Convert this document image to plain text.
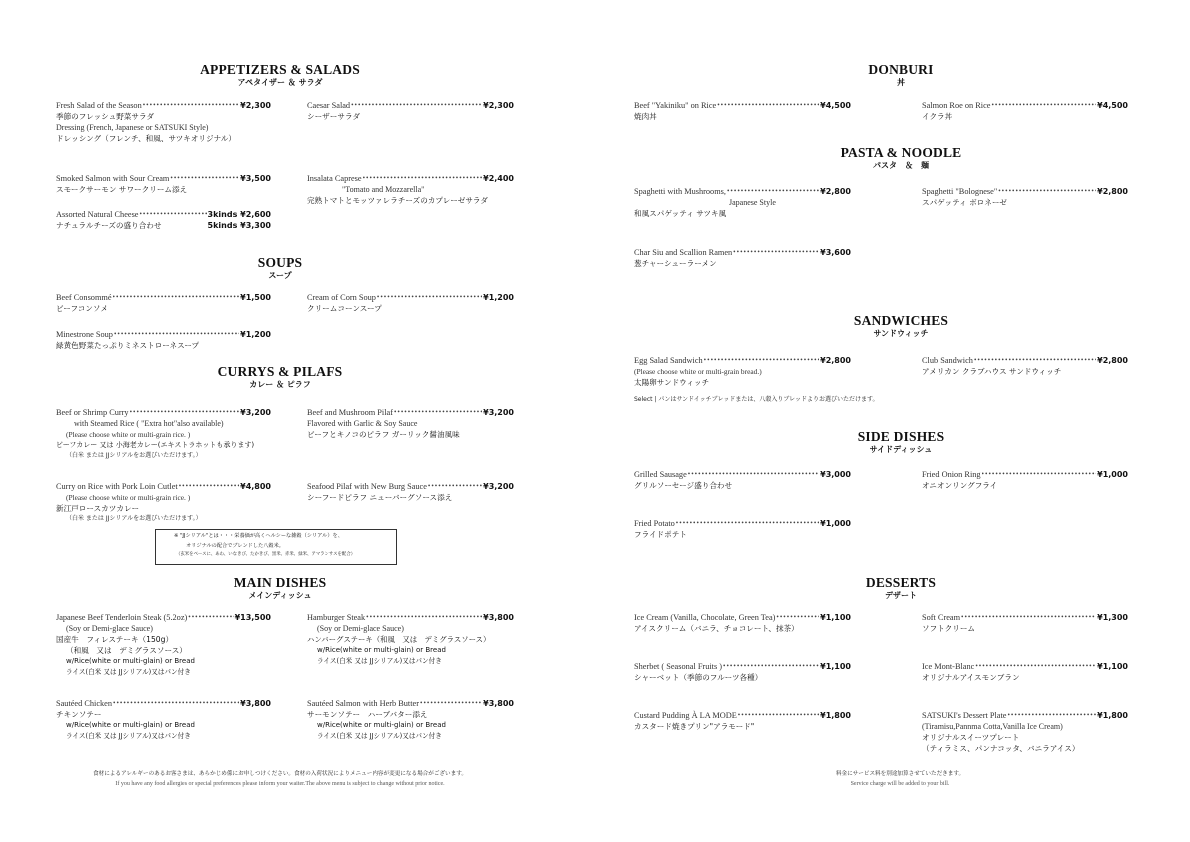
APPETIZERS & SALADS
アペタイザー ＆ サラダ
Fresh Salad of the Season •••••	¥2,300
季節のフレッシュ野菜サラダ
Dressing (French, Japanese or SATSUKI Style)
ドレッシング（フレンチ、和風、サツキオリジナル）
Caesar Salad •••••	¥2,300
シーザーサラダ
Smoked Salmon with Sour Cream •••••	¥3,500
スモークサーモン サワークリーム添え
Insalata Caprese •••••	¥2,400
"Tomato and Mozzarella"
完熟トマトとモッツァレラチーズのカプレーゼサラダ
Assorted Natural Cheese •••••	3kinds ¥2,600
ナチュラルチーズの盛り合わせ	5kinds ¥3,300
SOUPS
スープ
Beef Consommé •••••	¥1,500
ビーフコンソメ
Cream of Corn Soup •••••	¥1,200
クリームコーンスープ
Minestrone Soup •••••	¥1,200
緑黄色野菜たっぷりミネストローネスープ
CURRYS & PILAFS
カレー ＆ ピラフ
Beef or Shrimp Curry •••••	¥3,200
with Steamed Rice ( "Extra hot"also available)
(Please choose white or multi-grain rice. )
ビーフカレー 又は 小海老カレー(エキストラホットも承ります)
（白米 または JJシリアルをお選びいただけます。）
Beef and Mushroom Pilaf •••••	¥3,200
Flavored with Garlic & Soy Sauce
ビーフとキノコのピラフ ガーリック醤油風味
Curry on Rice with Pork Loin Cutlet •••••	¥4,800
(Please choose white or multi-grain rice. )
新江戸ロースカツカレー
（白米 または JJシリアルをお選びいただけます。）
Seafood Pilaf with New Burg Sauce •••••	¥3,200
シーフードピラフ ニューバーグソース添え
※ "JJシリアル"とは・・・栄養価が高くヘルシーな雑穀（シリアル）を、
オリジナルの配合でブレンドした八穀米。
（玄米をベースに、あわ、いなきび、たかきび、黒米、赤米、緑米、アマランサスを配合）
MAIN DISHES
メインディッシュ
Japanese Beef Tenderloin Steak (5.2oz) •••••	¥13,500
(Soy or Demi-glace Sauce)
国産牛　フィレステーキ（150g）
（和風　又は　デミグラスソース）
w/Rice(white or multi-glain) or Bread
ライス(白米 又は JJシリアル)又はパン付き
Hamburger Steak •••••	¥3,800
(Soy or Demi-glace Sauce)
ハンバーグステーキ（和風　又は　デミグラスソース）
w/Rice(white or multi-glain) or Bread
ライス(白米 又は JJシリアル)又はパン付き
Sautéed Chicken •••••	¥3,800
チキンソテー
w/Rice(white or multi-glain) or Bread
ライス(白米 又は JJシリアル)又はパン付き
Sautéed Salmon with Herb Butter •••••	¥3,800
サーモンソテー　ハーブバター添え
w/Rice(white or multi-glain) or Bread
ライス(白米 又は JJシリアル)又はパン付き
食材によるアレルギーのあるお客さまは、あらかじめ係にお申しつけください。食材の入荷状況によりメニュー内容が変更になる場合がございます。
If you have any food allergies or special preferences please inform your waiter.The above menu is subject to change without prior notice.
DONBURI
丼
Beef "Yakiniku" on Rice •••••	¥4,500
焼肉丼
Salmon Roe on Rice •••••	¥4,500
イクラ丼
PASTA & NOODLE
パスタ　＆　麺
Spaghetti with Mushrooms, •••••	¥2,800
Japanese Style
和風スパゲッティ サツキ風
Spaghetti "Bolognese" •••••	¥2,800
スパゲッティ ボロネーゼ
Char Siu and Scallion Ramen •••••	¥3,600
葱チャーシューラーメン
SANDWICHES
サンドウィッチ
Egg Salad Sandwich •••••	¥2,800
(Please choose white or multi-grain bread.)
太陽卵サンドウィッチ
Club Sandwich •••••	¥2,800
アメリカン クラブハウス サンドウィッチ
Select | パンはサンドイッチブレッドまたは、八穀入りブレッドよりお選びいただけます。
SIDE DISHES
サイドディッシュ
Grilled Sausage •••••	¥3,000
グリルソーセージ盛り合わせ
Fried Onion Ring •••••	¥1,000
オニオンリングフライ
Fried Potato •••••	¥1,000
フライドポテト
DESSERTS
デザート
Ice Cream (Vanilla, Chocolate, Green Tea) •••••	¥1,100
アイスクリーム（バニラ、チョコレート、抹茶）
Soft Cream •••••	¥1,300
ソフトクリーム
Sherbet ( Seasonal Fruits ) •••••	¥1,100
シャーベット（季節のフルーツ各種）
Ice Mont-Blanc •••••	¥1,100
オリジナルアイスモンブラン
Custard Pudding À LA MODE •••••	¥1,800
カスタード焼きプリン"アラモード"
SATSUKI's Dessert Plate •••••	¥1,800
(Tiramisu,Pannma Cotta,Vanilla Ice Cream)
オリジナルスイーツプレート
（ティラミス、パンナコッタ、バニラアイス）
料金にサービス料を別途加算させていただきます。
Service charge will be added to your bill.
